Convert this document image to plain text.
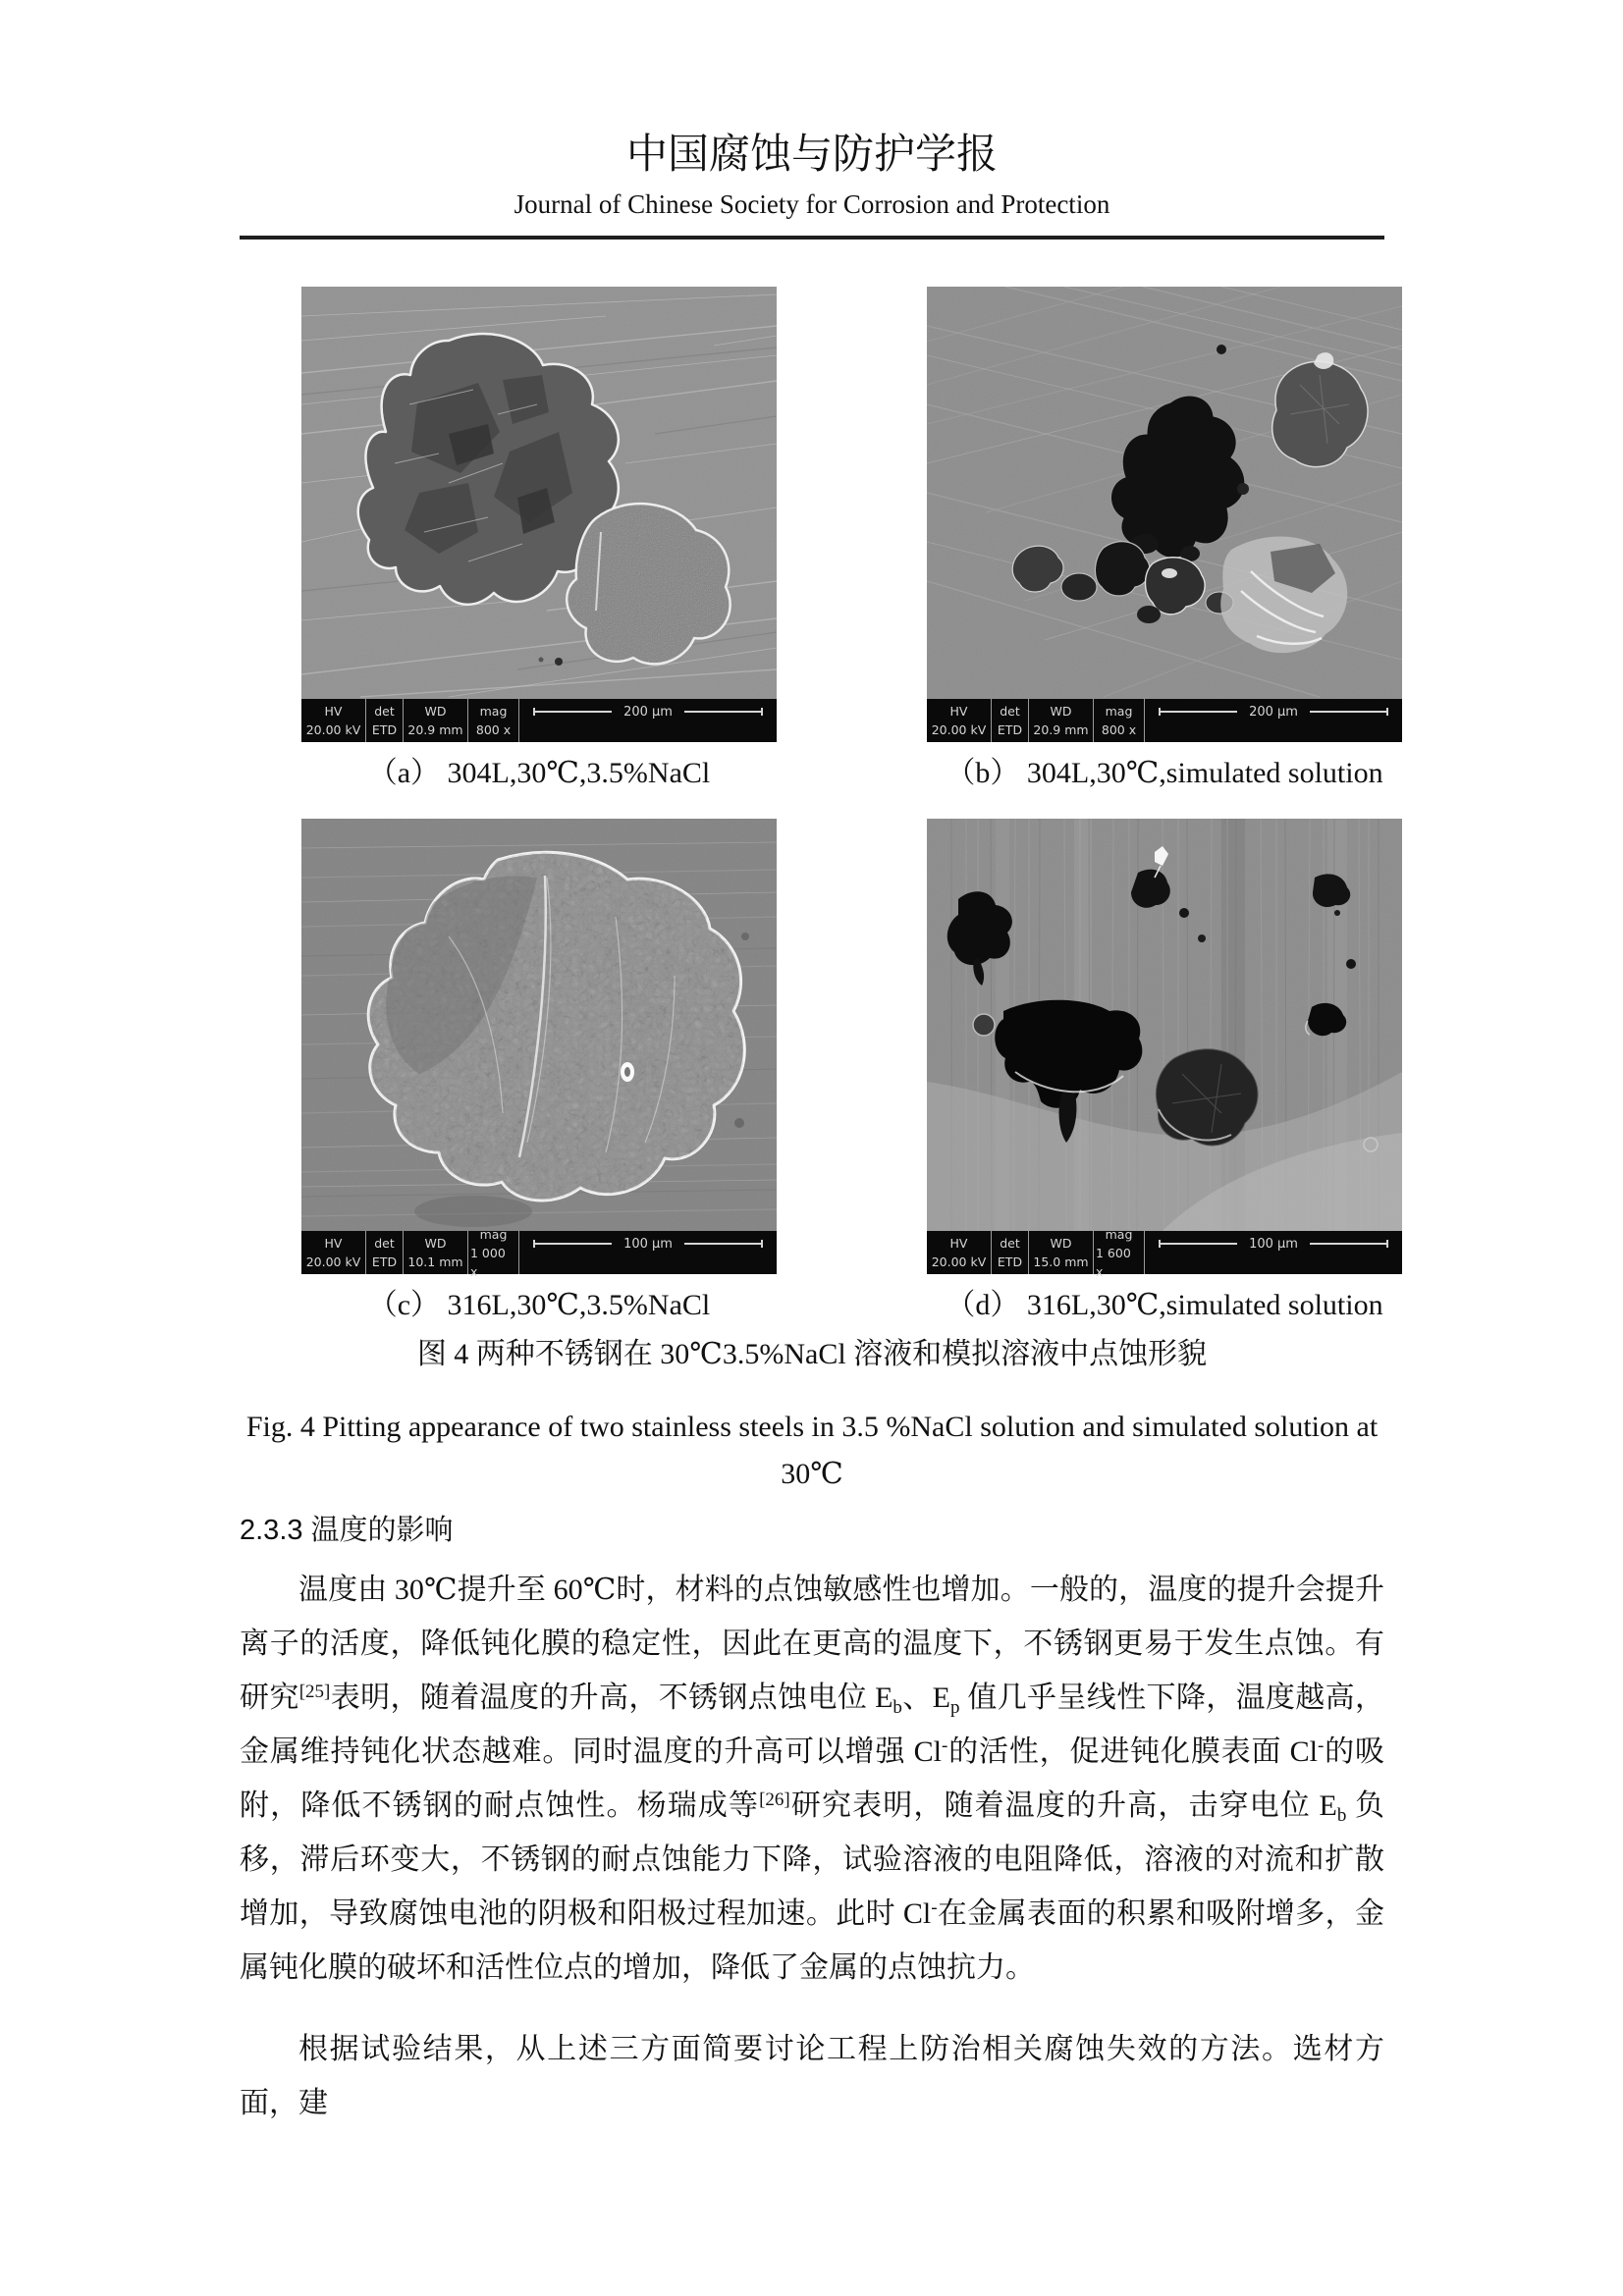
中国腐蚀与防护学报
Journal of Chinese Society for Corrosion and Protection
HV
20.00 kV
det
ETD
WD
20.9 mm
mag
800 x
200 µm
（a） 304L,30℃,3.5%NaCl
HV
20.00 kV
det
ETD
WD
10.1 mm
mag
1 000 x
100 µm
（c） 316L,30℃,3.5%NaCl
HV
20.00 kV
det
ETD
WD
20.9 mm
mag
800 x
200 µm
（b） 304L,30℃,simulated solution
HV
20.00 kV
det
ETD
WD
15.0 mm
mag
1 600 x
100 µm
（d） 316L,30℃,simulated solution
图 4 两种不锈钢在 30℃3.5%NaCl 溶液和模拟溶液中点蚀形貌
Fig. 4 Pitting appearance of two stainless steels in 3.5 %NaCl solution and simulated solution at
30℃
2.3.3 温度的影响

温度由 30℃提升至 60℃时，材料的点蚀敏感性也增加。一般的，温度的提升会提升离子的活度，降低钝化膜的稳定性，因此在更高的温度下，不锈钢更易于发生点蚀。有研究[25]表明，随着温度的升高，不锈钢点蚀电位 $E_b$、$E_p$ 值几乎呈线性下降，温度越高，金属维持钝化状态越难。同时温度的升高可以增强 Cl-的活性，促进钝化膜表面 Cl-的吸附，降低不锈钢的耐点蚀性。杨瑞成等[26]研究表明，随着温度的升高，击穿电位 $E_b$ 负移，滞后环变大，不锈钢的耐点蚀能力下降，试验溶液的电阻降低，溶液的对流和扩散增加，导致腐蚀电池的阴极和阳极过程加速。此时 Cl-在金属表面的积累和吸附增多，金属钝化膜的破坏和活性位点的增加，降低了金属的点蚀抗力。

根据试验结果，从上述三方面简要讨论工程上防治相关腐蚀失效的方法。选材方面，建
